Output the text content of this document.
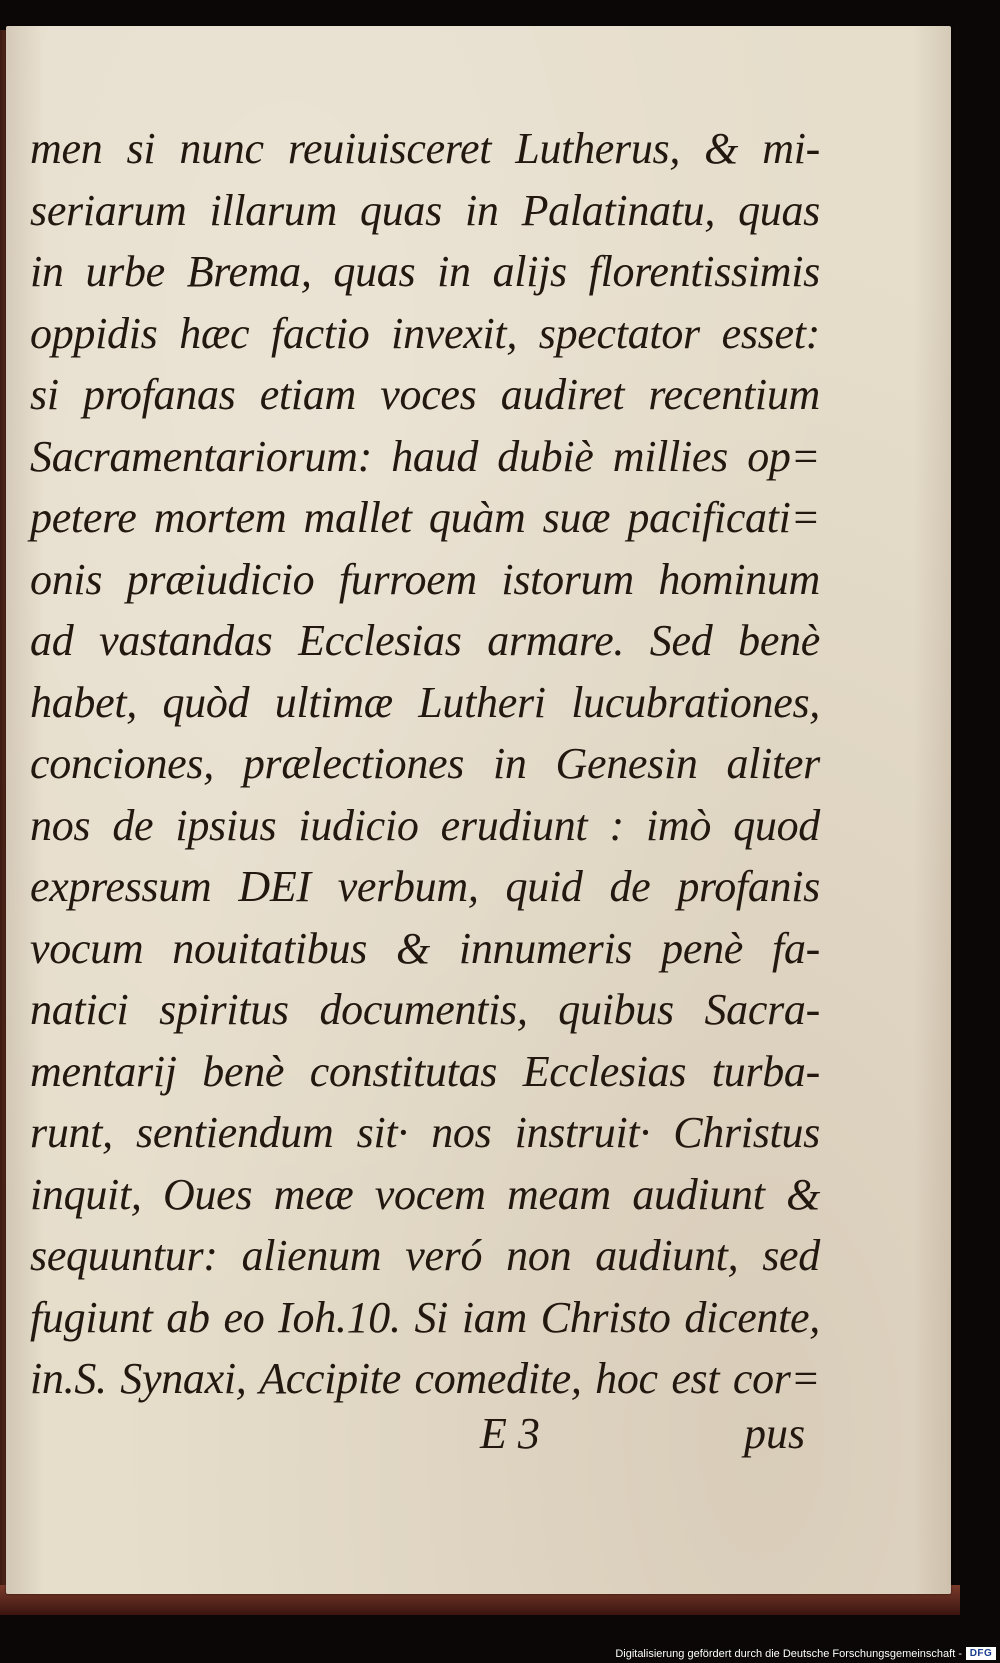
men si nunc reuiuisceret Lutherus, & mi-
seriarum illarum quas in Palatinatu, quas
in urbe Brema, quas in alijs florentissimis
oppidis hæc factio invexit, spectator esset:
si profanas etiam voces audiret recentium
Sacramentariorum: haud dubiè millies op=
petere mortem mallet quàm suæ pacificati=
onis præiudicio furroem istorum hominum
ad vastandas Ecclesias armare. Sed benè
habet, quòd ultimæ Lutheri lucubrationes,
conciones, prælectiones in Genesin aliter
nos de ipsius iudicio erudiunt : imò quod
expressum DEI verbum, quid de profanis
vocum nouitatibus & innumeris penè fa-
natici spiritus documentis, quibus Sacra-
mentarij benè constitutas Ecclesias turba-
runt, sentiendum sit· nos instruit· Christus
inquit, Oues meæ vocem meam audiunt &
sequuntur: alienum veró non audiunt, sed
fugiunt ab eo Ioh.10. Si iam Christo dicente,
in.S. Synaxi, Accipite comedite, hoc est cor=
E 3	pus
Digitalisierung gefördert durch die Deutsche Forschungsgemeinschaft - DFG
